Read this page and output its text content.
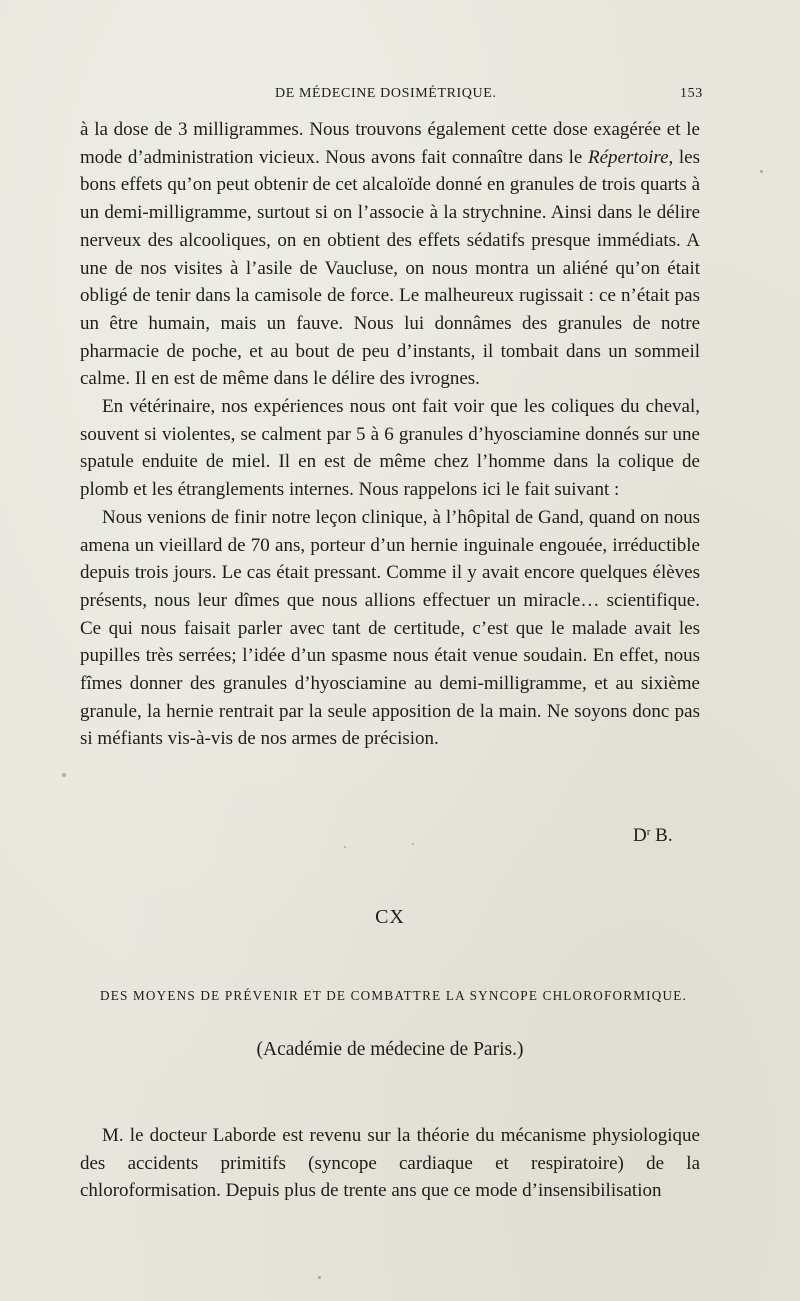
DE MÉDECINE DOSIMÉTRIQUE.	153

à la dose de 3 milligrammes. Nous trouvons également cette dose exagérée et le mode d’administration vicieux. Nous avons fait connaître dans le Répertoire, les bons effets qu’on peut obtenir de cet alcaloïde donné en granules de trois quarts à un demi-milligramme, surtout si on l’associe à la strychnine. Ainsi dans le délire nerveux des alcooliques, on en obtient des effets sédatifs presque immédiats. A une de nos visites à l’asile de Vaucluse, on nous montra un aliéné qu’on était obligé de tenir dans la camisole de force. Le malheureux rugissait : ce n’était pas un être humain, mais un fauve. Nous lui donnâmes des granules de notre pharmacie de poche, et au bout de peu d’instants, il tombait dans un sommeil calme. Il en est de même dans le délire des ivrognes.

En vétérinaire, nos expériences nous ont fait voir que les coliques du cheval, souvent si violentes, se calment par 5 à 6 granules d’hyosciamine donnés sur une spatule enduite de miel. Il en est de même chez l’homme dans la colique de plomb et les étranglements internes. Nous rappelons ici le fait suivant :

Nous venions de finir notre leçon clinique, à l’hôpital de Gand, quand on nous amena un vieillard de 70 ans, porteur d’un hernie inguinale engouée, irréductible depuis trois jours. Le cas était pressant. Comme il y avait encore quelques élèves présents, nous leur dîmes que nous allions effectuer un miracle… scientifique. Ce qui nous faisait parler avec tant de certitude, c’est que le malade avait les pupilles très serrées; l’idée d’un spasme nous était venue soudain. En effet, nous fîmes donner des granules d’hyosciamine au demi-milligramme, et au sixième granule, la hernie rentrait par la seule apposition de la main. Ne soyons donc pas si méfiants vis-à-vis de nos armes de précision.

$D^r$ B.
CX
DES MOYENS DE PRÉVENIR ET DE COMBATTRE LA SYNCOPE CHLOROFORMIQUE.
(Académie de médecine de Paris.)

M. le docteur Laborde est revenu sur la théorie du mécanisme physiologique des accidents primitifs (syncope cardiaque et respiratoire) de la chloroformisation. Depuis plus de trente ans que ce mode d’insensibilisation
